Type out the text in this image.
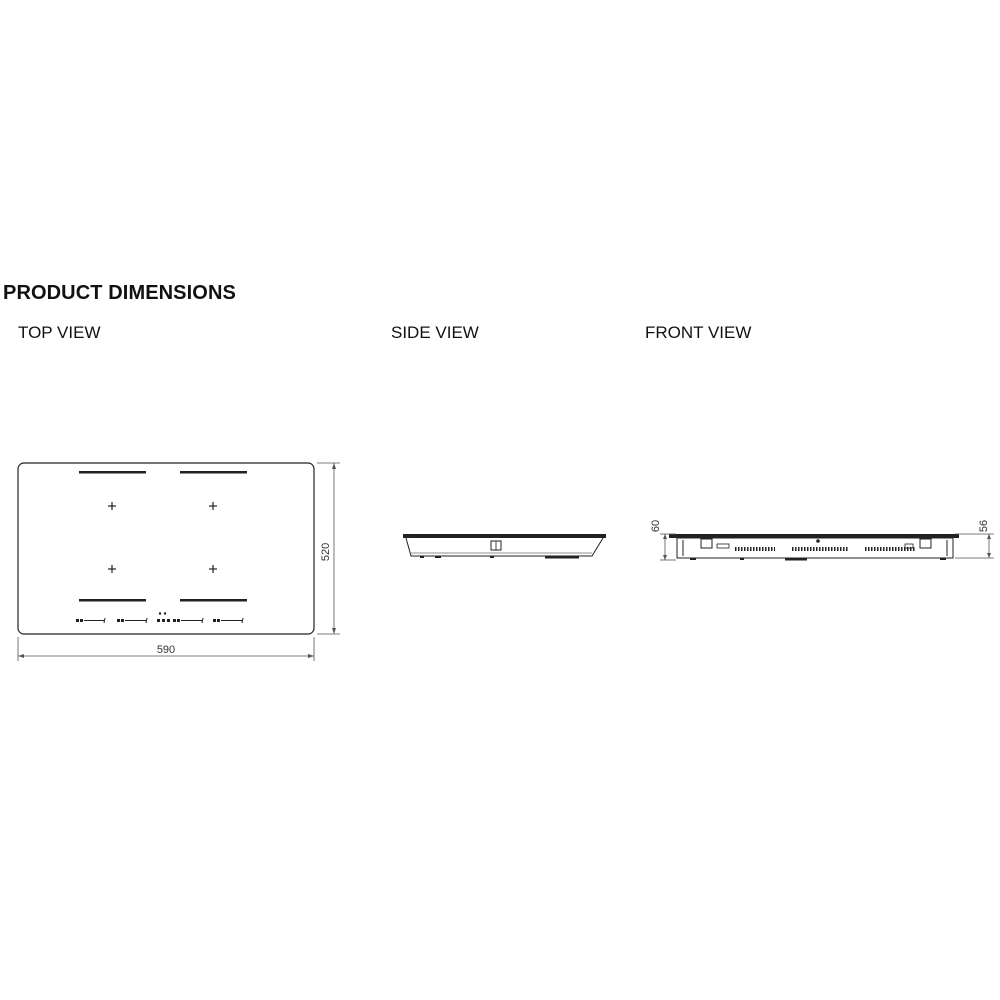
PRODUCT DIMENSIONS
TOP VIEW	SIDE VIEW	FRONT VIEW
590
520
60	56
